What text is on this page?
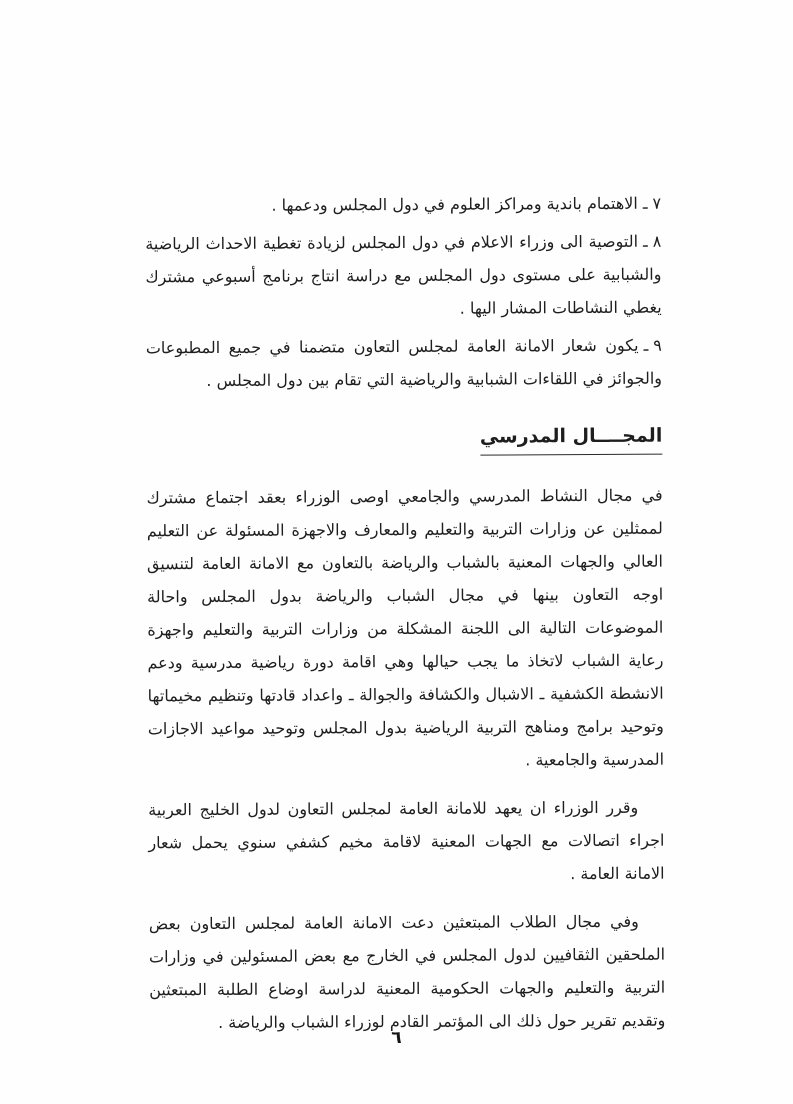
٧ـالاهتمام باندية ومراكز العلوم في دول المجلس ودعمها .
٨ـالتوصية الى وزراء الاعلام في دول المجلس لزيادة تغطية الاحداث الرياضية والشبابية على مستوى دول المجلس مع دراسة انتاج برنامج أسبوعي مشترك يغطي النشاطات المشار اليها .
٩ـيكون شعار الامانة العامة لمجلس التعاون متضمنا في جميع المطبوعات والجوائز في اللقاءات الشبابية والرياضية التي تقام بين دول المجلس .
المجــــال المدرسي

في مجال النشاط المدرسي والجامعي اوصى الوزراء بعقد اجتماع مشترك لممثلين عن وزارات التربية والتعليم والمعارف والاجهزة المسئولة عن التعليم العالي والجهات المعنية بالشباب والرياضة بالتعاون مع الامانة العامة لتنسيق اوجه التعاون بينها في مجال الشباب والرياضة بدول المجلس واحالة الموضوعات التالية الى اللجنة المشكلة من وزارات التربية والتعليم واجهزة رعاية الشباب لاتخاذ ما يجب حيالها وهي اقامة دورة رياضية مدرسية ودعم الانشطة الكشفية ـ الاشبال والكشافة والجوالة ـ واعداد قادتها وتنظيم مخيماتها وتوحيد برامج ومناهج التربية الرياضية بدول المجلس وتوحيد مواعيد الاجازات المدرسية والجامعية .

وقرر الوزراء ان يعهد للامانة العامة لمجلس التعاون لدول الخليج العربية اجراء اتصالات مع الجهات المعنية لاقامة مخيم كشفي سنوي يحمل شعار الامانة العامة .

وفي مجال الطلاب المبتعثين دعت الامانة العامة لمجلس التعاون بعض الملحقين الثقافيين لدول المجلس في الخارج مع بعض المسئولين في وزارات التربية والتعليم والجهات الحكومية المعنية لدراسة اوضاع الطلبة المبتعثين وتقديم تقرير حول ذلك الى المؤتمر القادم لوزراء الشباب والرياضة .

٦
